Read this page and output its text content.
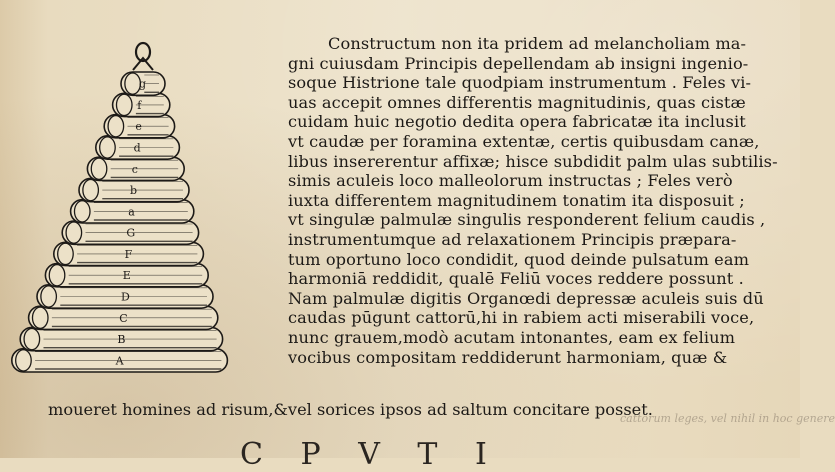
A
B
C
D
E
F
G
a
b
c
d
e
f
g
Constructum non ita pridem ad melancholiam ma-
gni cuiusdam Principis depellendam ab insigni ingenio-
soque Histrione tale quodpiam instrumentum . Feles vi-
uas accepit omnes differentis magnitudinis, quas cistæ
cuidam huic negotio dedita opera fabricatæ ita inclusit
vt caudæ per foramina extentæ, certis quibusdam canæ,
libus insererentur affixæ; hisce subdidit palm ulas subtilis-
simis aculeis loco malleolorum instructas ; Feles verò
iuxta differentem magnitudinem tonatim ita disposuit ;
vt singulæ palmulæ singulis responderent felium caudis ,
instrumentumque ad relaxationem Principis præpara-
tum oportuno loco condidit, quod deinde pulsatum eam
harmoniā reddidit, qualē Feliū voces reddere possunt .
Nam palmulæ digitis Organœdi depressæ aculeis suis dū
caudas pūgunt cattorū,hi in rabiem acti miserabili voce,
nunc grauem,modò acutam intonantes, eam ex felium
vocibus compositam reddiderunt harmoniam, quæ &
moueret homines ad risum,&vel sorices ipsos ad saltum concitare posset.
cattorum leges, vel nihil in hoc genere
C P V T I
